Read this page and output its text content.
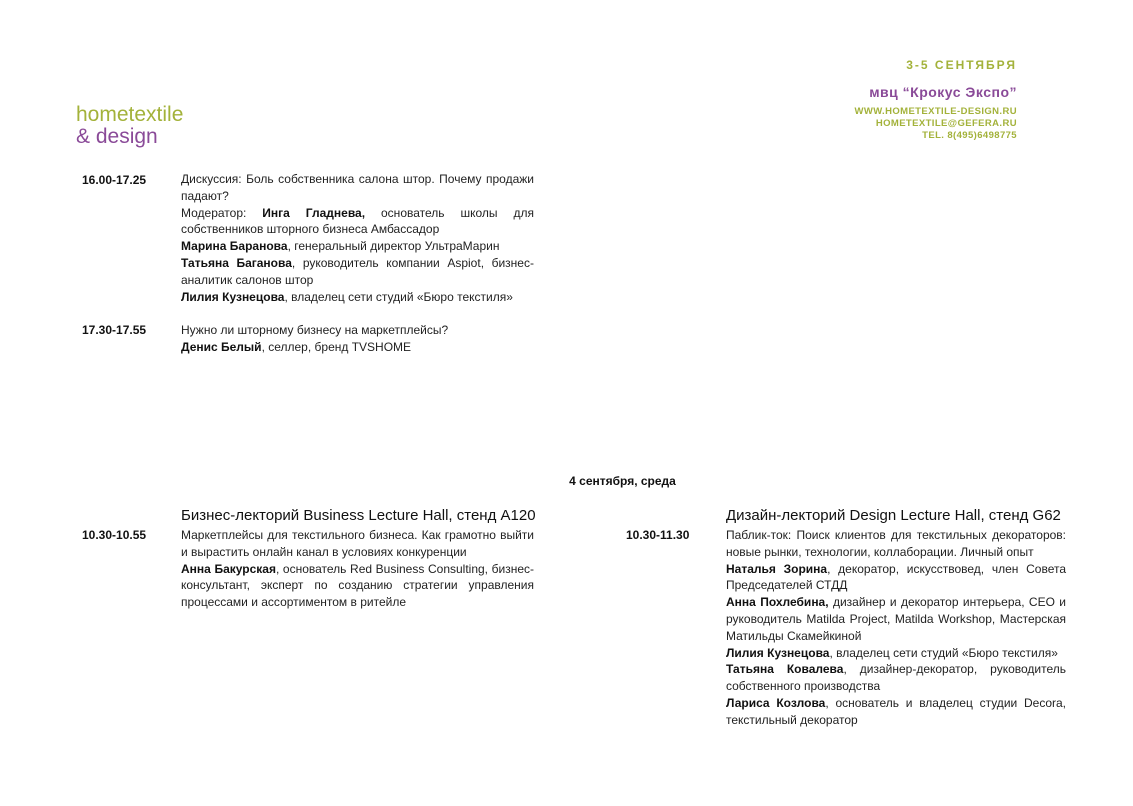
hometextile
& design
3-5 СЕНТЯБРЯ
мвц “Крокус Экспо”
WWW.HOMETEXTILE-DESIGN.RU
HOMETEXTILE@GEFERA.RU
TEL. 8(495)6498775
16.00-17.25	Дискуссия: Боль собственника салона штор. Почему продажи падают?

Модератор: Инга Гладнева, основатель школы для собственников шторного бизнеса Амбассадор

Марина Баранова, генеральный директор УльтраМарин

Татьяна Баганова, руководитель компании Aspiot, бизнес-аналитик салонов штор

Лилия Кузнецова, владелец сети студий «Бюро текстиля»

17.30-17.55	Нужно ли шторному бизнесу на маркетплейсы?

Денис Белый, селлер, бренд TVSHOME

4 сентября, среда
Бизнес-лекторий Business Lecture Hall, стенд А120
10.30-10.55	Маркетплейсы для текстильного бизнеса. Как грамотно выйти и вырастить онлайн канал в условиях конкуренции

Анна Бакурская, основатель Red Business Consulting, бизнес-консультант, эксперт по созданию стратегии управления процессами и ассортиментом в ритейле

Дизайн-лекторий Design Lecture Hall, стенд G62
10.30-11.30	Паблик-ток: Поиск клиентов для текстильных декораторов: новые рынки, технологии, коллаборации. Личный опыт

Наталья Зорина, декоратор, искусствовед, член Совета Председателей СТДД

Анна Похлебина, дизайнер и декоратор интерьера, CEO и руководитель Matilda Project, Matilda Workshop, Мастерская Матильды Скамейкиной

Лилия Кузнецова, владелец сети студий «Бюро текстиля»

Татьяна Ковалева, дизайнер-декоратор, руководитель собственного производства

Лариса Козлова, основатель и владелец студии Decora, текстильный декоратор
